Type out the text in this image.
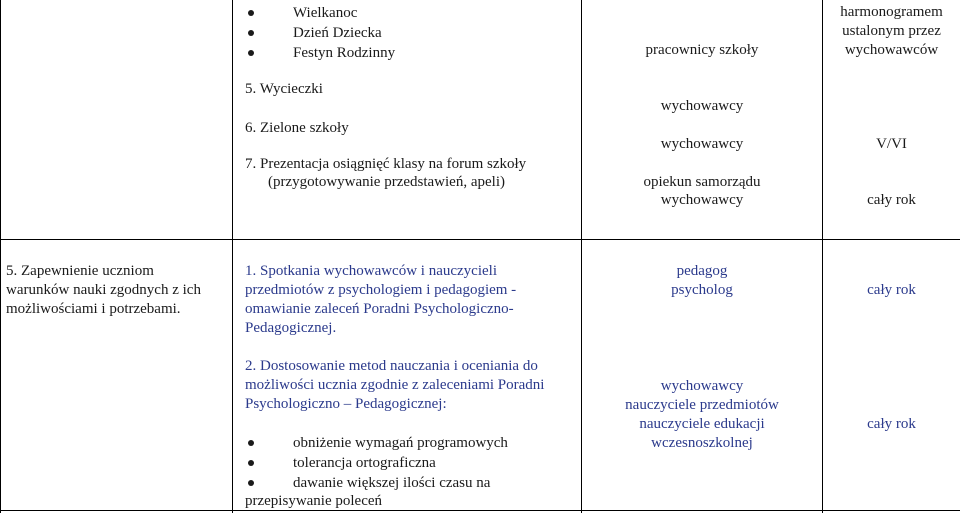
Wielkanoc
Dzień Dziecka
Festyn Rodzinny
5. Wycieczki
6. Zielone szkoły
7. Prezentacja osiągnięć klasy na forum szkoły
(przygotowywanie przedstawień, apeli)
pracownicy szkoły
wychowawcy
wychowawcy
opiekun samorządu
wychowawcy
harmonogramem
ustalonym przez
wychowawców
V/VI
cały rok
5. Zapewnienie uczniom
warunków nauki zgodnych z ich
możliwościami i potrzebami.
1. Spotkania wychowawców i nauczycieli
przedmiotów z psychologiem i pedagogiem -
omawianie zaleceń Poradni Psychologiczno-
Pedagogicznej.
pedagog
psycholog	cały rok
2. Dostosowanie metod nauczania i oceniania do
możliwości ucznia zgodnie z zaleceniami Poradni
Psychologiczno – Pedagogicznej:
obniżenie wymagań programowych
tolerancja ortograficzna
dawanie większej ilości czasu na
przepisywanie poleceń
wychowawcy
nauczyciele przedmiotów
nauczyciele edukacji
wczesnoszkolnej
cały rok
